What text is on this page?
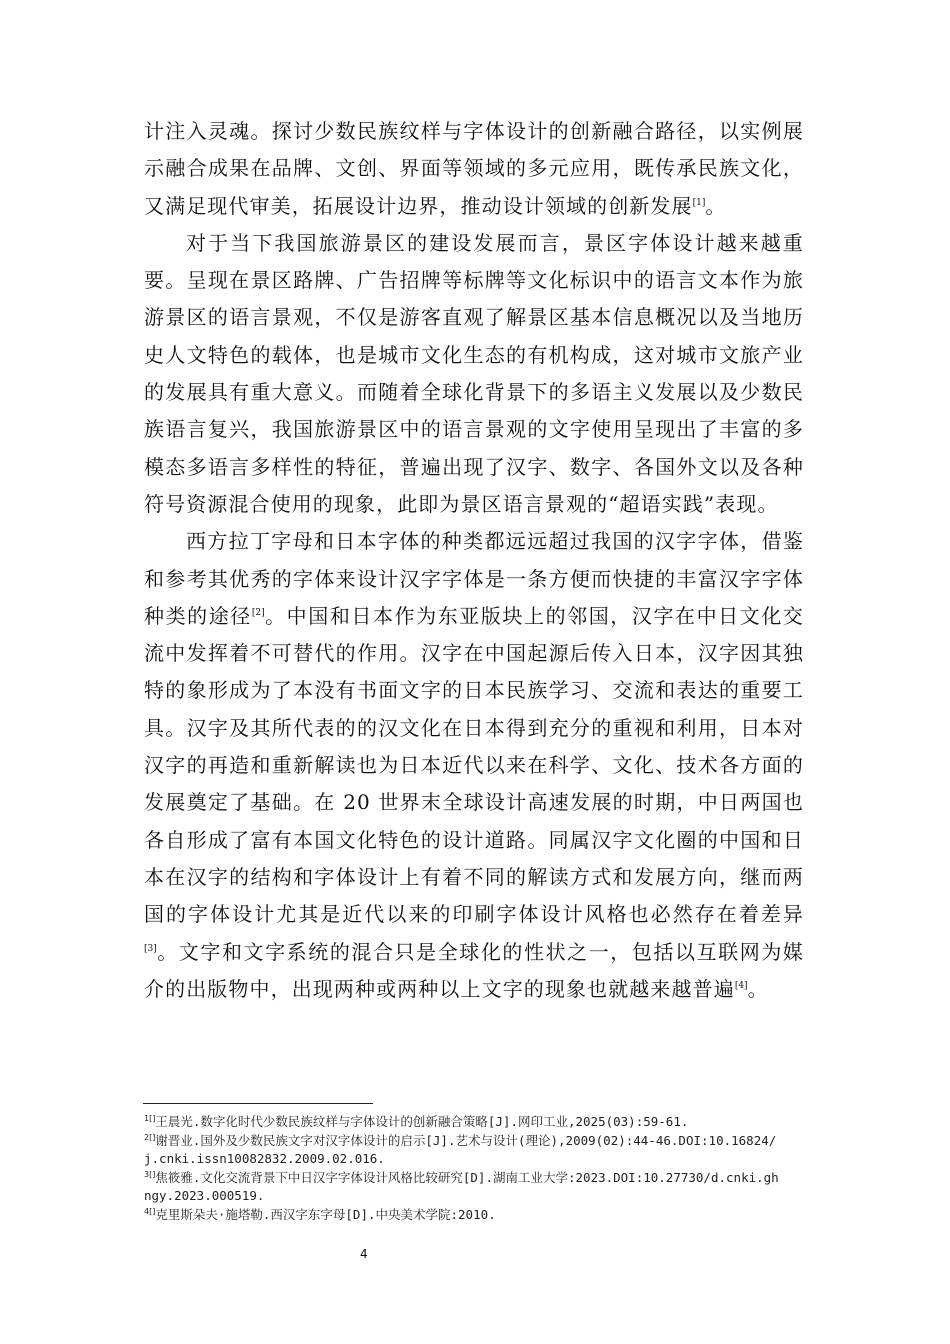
计注入灵魂。探讨少数民族纹样与字体设计的创新融合路径，以实例展示融合成果在品牌、文创、界面等领域的多元应用，既传承民族文化，又满足现代审美，拓展设计边界，推动设计领域的创新发展[1]。

对于当下我国旅游景区的建设发展而言，景区字体设计越来越重要。呈现在景区路牌、广告招牌等标牌等文化标识中的语言文本作为旅游景区的语言景观，不仅是游客直观了解景区基本信息概况以及当地历史人文特色的载体，也是城市文化生态的有机构成，这对城市文旅产业的发展具有重大意义。而随着全球化背景下的多语主义发展以及少数民族语言复兴，我国旅游景区中的语言景观的文字使用呈现出了丰富的多模态多语言多样性的特征，普遍出现了汉字、数字、各国外文以及各种符号资源混合使用的现象，此即为景区语言景观的“超语实践”表现。

西方拉丁字母和日本字体的种类都远远超过我国的汉字字体，借鉴和参考其优秀的字体来设计汉字字体是一条方便而快捷的丰富汉字字体种类的途径[2]。中国和日本作为东亚版块上的邻国，汉字在中日文化交流中发挥着不可替代的作用。汉字在中国起源后传入日本，汉字因其独特的象形成为了本没有书面文字的日本民族学习、交流和表达的重要工具。汉字及其所代表的的汉文化在日本得到充分的重视和利用，日本对汉字的再造和重新解读也为日本近代以来在科学、文化、技术各方面的发展奠定了基础。在 20 世界末全球设计高速发展的时期，中日两国也各自形成了富有本国文化特色的设计道路。同属汉字文化圈的中国和日本在汉字的结构和字体设计上有着不同的解读方式和发展方向，继而两国的字体设计尤其是近代以来的印刷字体设计风格也必然存在着差异[3]。文字和文字系统的混合只是全球化的性状之一，包括以互联网为媒介的出版物中，出现两种或两种以上文字的现象也就越来越普遍[4]。

$^{1[]}$王晨光.数字化时代少数民族纹样与字体设计的创新融合策略[J].网印工业,2025(03):59-61.

$^{2[]}$谢晋业.国外及少数民族文字对汉字体设计的启示[J].艺术与设计(理论),2009(02):44-46.DOI:10.16824/j.cnki.issn10082832.2009.02.016.

$^{3[]}$焦筱雅.文化交流背景下中日汉字字体设计风格比较研究[D].湖南工业大学:2023.DOI:10.27730/d.cnki.ghngy.2023.000519.

$^{4[]}$克里斯朵夫·施塔勒.西汉字东字母[D].中央美术学院:2010.

4
